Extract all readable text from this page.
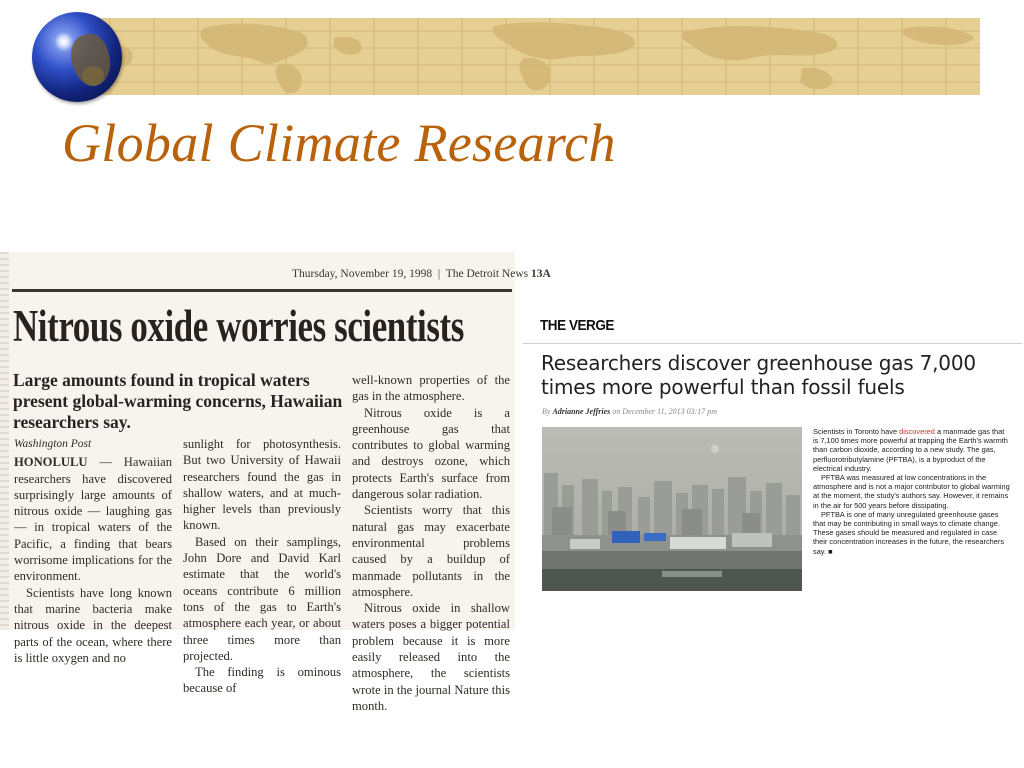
Global Climate Research
Thursday, November 19, 1998  |  The Detroit News 13A
Nitrous oxide worries scientists
Large amounts found in tropical waters present global-warming concerns, Hawaiian researchers say.

Washington Post

HONOLULU — Hawaiian researchers have discovered surprisingly large amounts of nitrous oxide — laughing gas — in tropical waters of the Pacific, a finding that bears worrisome implications for the environment.

Scientists have long known that marine bacteria make nitrous oxide in the deepest parts of the ocean, where there is little oxygen and no

sunlight for photosynthesis. But two University of Hawaii researchers found the gas in shallow waters, and at much-higher levels than previously known.

Based on their samplings, John Dore and David Karl estimate that the world's oceans contribute 6 million tons of the gas to Earth's atmosphere each year, or about three times more than projected.

The finding is ominous because of

well-known properties of the gas in the atmosphere.

Nitrous oxide is a greenhouse gas that contributes to global warming and destroys ozone, which protects Earth's surface from dangerous solar radiation.

Scientists worry that this natural gas may exacerbate environmental problems caused by a buildup of manmade pollutants in the atmosphere.

Nitrous oxide in shallow waters poses a bigger potential problem because it is more easily released into the atmosphere, the scientists wrote in the journal Nature this month.

THE VERGE
Researchers discover greenhouse gas 7,000 times more powerful than fossil fuels
By Adrianne Jeffries on December 11, 2013 03:17 pm

Scientists in Toronto have discovered a manmade gas that is 7,100 times more powerful at trapping the Earth's warmth than carbon dioxide, according to a new study. The gas, perfluorotributylamine (PFTBA), is a byproduct of the electrical industry.

PFTBA was measured at low concentrations in the atmosphere and is not a major contributor to global warming at the moment, the study's authors say. However, it remains in the air for 500 years before dissipating.

PFTBA is one of many unregulated greenhouse gases that may be contributing in small ways to climate change. These gases should be measured and regulated in case their concentration increases in the future, the researchers say. ■
